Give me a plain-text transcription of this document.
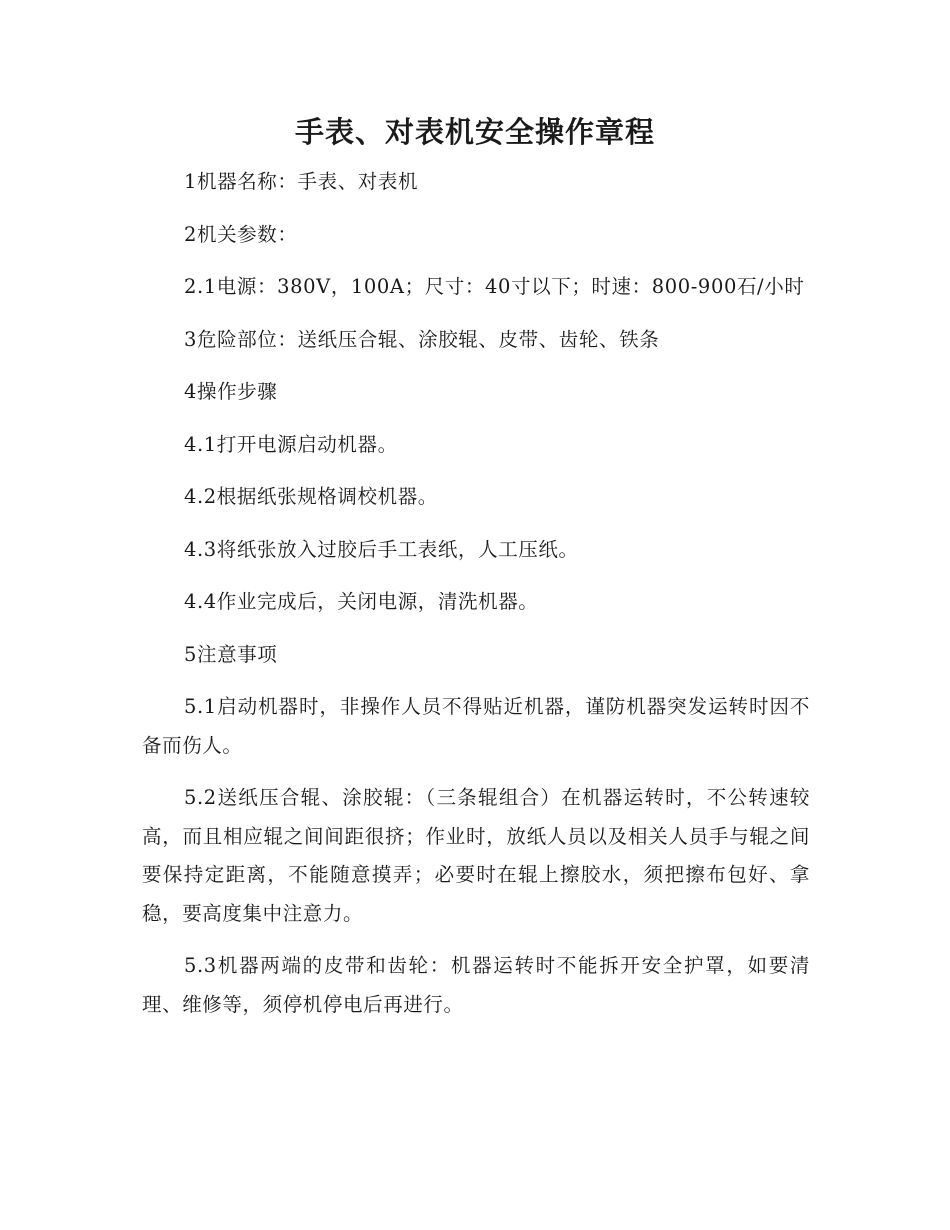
手表、对表机安全操作章程

1机器名称：手表、对表机

2机关参数：

2.1电源：380V，100A；尺寸：40寸以下；时速：800-900石/小时

3危险部位：送纸压合辊、涂胶辊、皮带、齿轮、铁条

4操作步骤

4.1打开电源启动机器。

4.2根据纸张规格调校机器。

4.3将纸张放入过胶后手工表纸，人工压纸。

4.4作业完成后，关闭电源，清洗机器。

5注意事项

5.1启动机器时，非操作人员不得贴近机器，谨防机器突发运转时因不备而伤人。

5.2送纸压合辊、涂胶辊：（三条辊组合）在机器运转时，不公转速较高，而且相应辊之间间距很挤；作业时，放纸人员以及相关人员手与辊之间要保持定距离，不能随意摸弄；必要时在辊上擦胶水，须把擦布包好、拿稳，要高度集中注意力。

5.3机器两端的皮带和齿轮：机器运转时不能拆开安全护罩，如要清理、维修等，须停机停电后再进行。
